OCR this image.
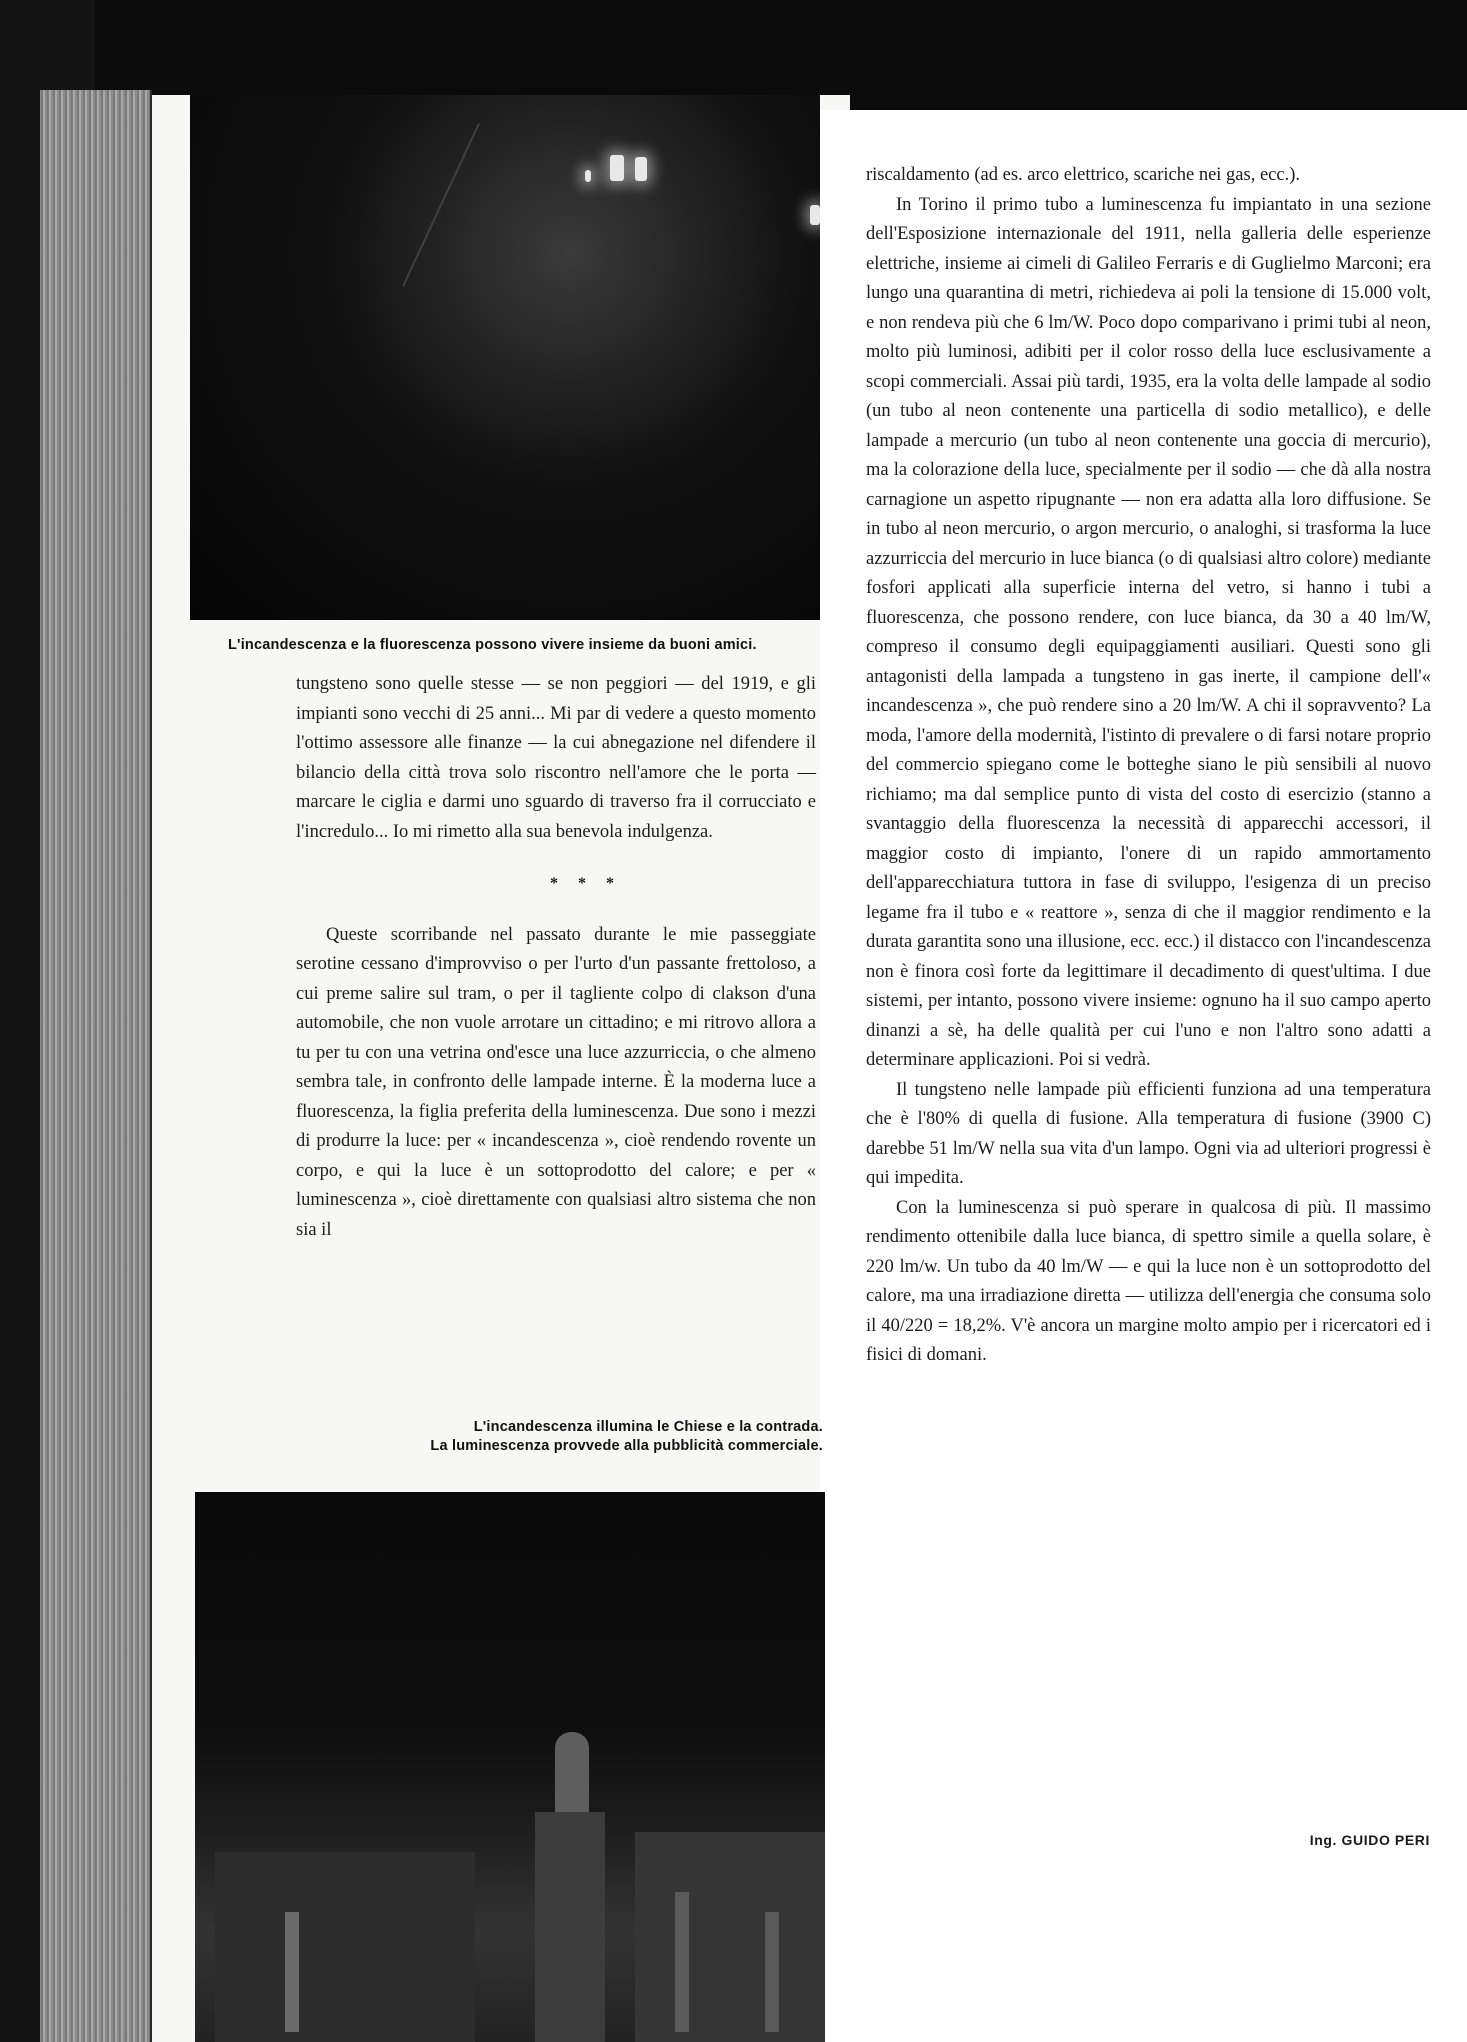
L'incandescenza e la fluorescenza possono vivere insieme da buoni amici.

tungsteno sono quelle stesse — se non peggiori — del 1919, e gli impianti sono vecchi di 25 anni... Mi par di vedere a questo momento l'ottimo assessore alle finanze — la cui abnegazione nel difendere il bilancio della città trova solo riscontro nell'amore che le porta — marcare le ciglia e darmi uno sguardo di traverso fra il corrucciato e l'incredulo... Io mi rimetto alla sua benevola indulgenza.

* * *

Queste scorribande nel passato durante le mie passeggiate serotine cessano d'improvviso o per l'urto d'un passante frettoloso, a cui preme salire sul tram, o per il tagliente colpo di clakson d'una automobile, che non vuole arrotare un cittadino; e mi ritrovo allora a tu per tu con una vetrina ond'esce una luce azzurriccia, o che almeno sembra tale, in confronto delle lampade interne. È la moderna luce a fluorescenza, la figlia preferita della luminescenza. Due sono i mezzi di produrre la luce: per « incandescenza », cioè rendendo rovente un corpo, e qui la luce è un sottoprodotto del calore; e per « luminescenza », cioè direttamente con qualsiasi altro sistema che non sia il

L'incandescenza illumina le Chiese e la contrada.
La luminescenza provvede alla pubblicità commerciale.

riscaldamento (ad es. arco elettrico, scariche nei gas, ecc.).

In Torino il primo tubo a luminescenza fu impiantato in una sezione dell'Esposizione internazionale del 1911, nella galleria delle esperienze elettriche, insieme ai cimeli di Galileo Ferraris e di Guglielmo Marconi; era lungo una quarantina di metri, richiedeva ai poli la tensione di 15.000 volt, e non rendeva più che 6 lm/W. Poco dopo comparivano i primi tubi al neon, molto più luminosi, adibiti per il color rosso della luce esclusivamente a scopi commerciali. Assai più tardi, 1935, era la volta delle lampade al sodio (un tubo al neon contenente una particella di sodio metallico), e delle lampade a mercurio (un tubo al neon contenente una goccia di mercurio), ma la colorazione della luce, specialmente per il sodio — che dà alla nostra carnagione un aspetto ripugnante — non era adatta alla loro diffusione. Se in tubo al neon mercurio, o argon mercurio, o analoghi, si trasforma la luce azzurriccia del mercurio in luce bianca (o di qualsiasi altro colore) mediante fosfori applicati alla superficie interna del vetro, si hanno i tubi a fluorescenza, che possono rendere, con luce bianca, da 30 a 40 lm/W, compreso il consumo degli equipaggiamenti ausiliari. Questi sono gli antagonisti della lampada a tungsteno in gas inerte, il campione dell'« incandescenza », che può rendere sino a 20 lm/W. A chi il sopravvento? La moda, l'amore della modernità, l'istinto di prevalere o di farsi notare proprio del commercio spiegano come le botteghe siano le più sensibili al nuovo richiamo; ma dal semplice punto di vista del costo di esercizio (stanno a svantaggio della fluorescenza la necessità di apparecchi accessori, il maggior costo di impianto, l'onere di un rapido ammortamento dell'apparecchiatura tuttora in fase di sviluppo, l'esigenza di un preciso legame fra il tubo e « reattore », senza di che il maggior rendimento e la durata garantita sono una illusione, ecc. ecc.) il distacco con l'incandescenza non è finora così forte da legittimare il decadimento di quest'ultima. I due sistemi, per intanto, possono vivere insieme: ognuno ha il suo campo aperto dinanzi a sè, ha delle qualità per cui l'uno e non l'altro sono adatti a determinare applicazioni. Poi si vedrà.

Il tungsteno nelle lampade più efficienti funziona ad una temperatura che è l'80% di quella di fusione. Alla temperatura di fusione (3900 C) darebbe 51 lm/W nella sua vita d'un lampo. Ogni via ad ulteriori progressi è qui impedita.

Con la luminescenza si può sperare in qualcosa di più. Il massimo rendimento ottenibile dalla luce bianca, di spettro simile a quella solare, è 220 lm/w. Un tubo da 40 lm/W — e qui la luce non è un sottoprodotto del calore, ma una irradiazione diretta — utilizza dell'energia che consuma solo il 40/220 = 18,2%. V'è ancora un margine molto ampio per i ricercatori ed i fisici di domani.

Ing. GUIDO PERI
